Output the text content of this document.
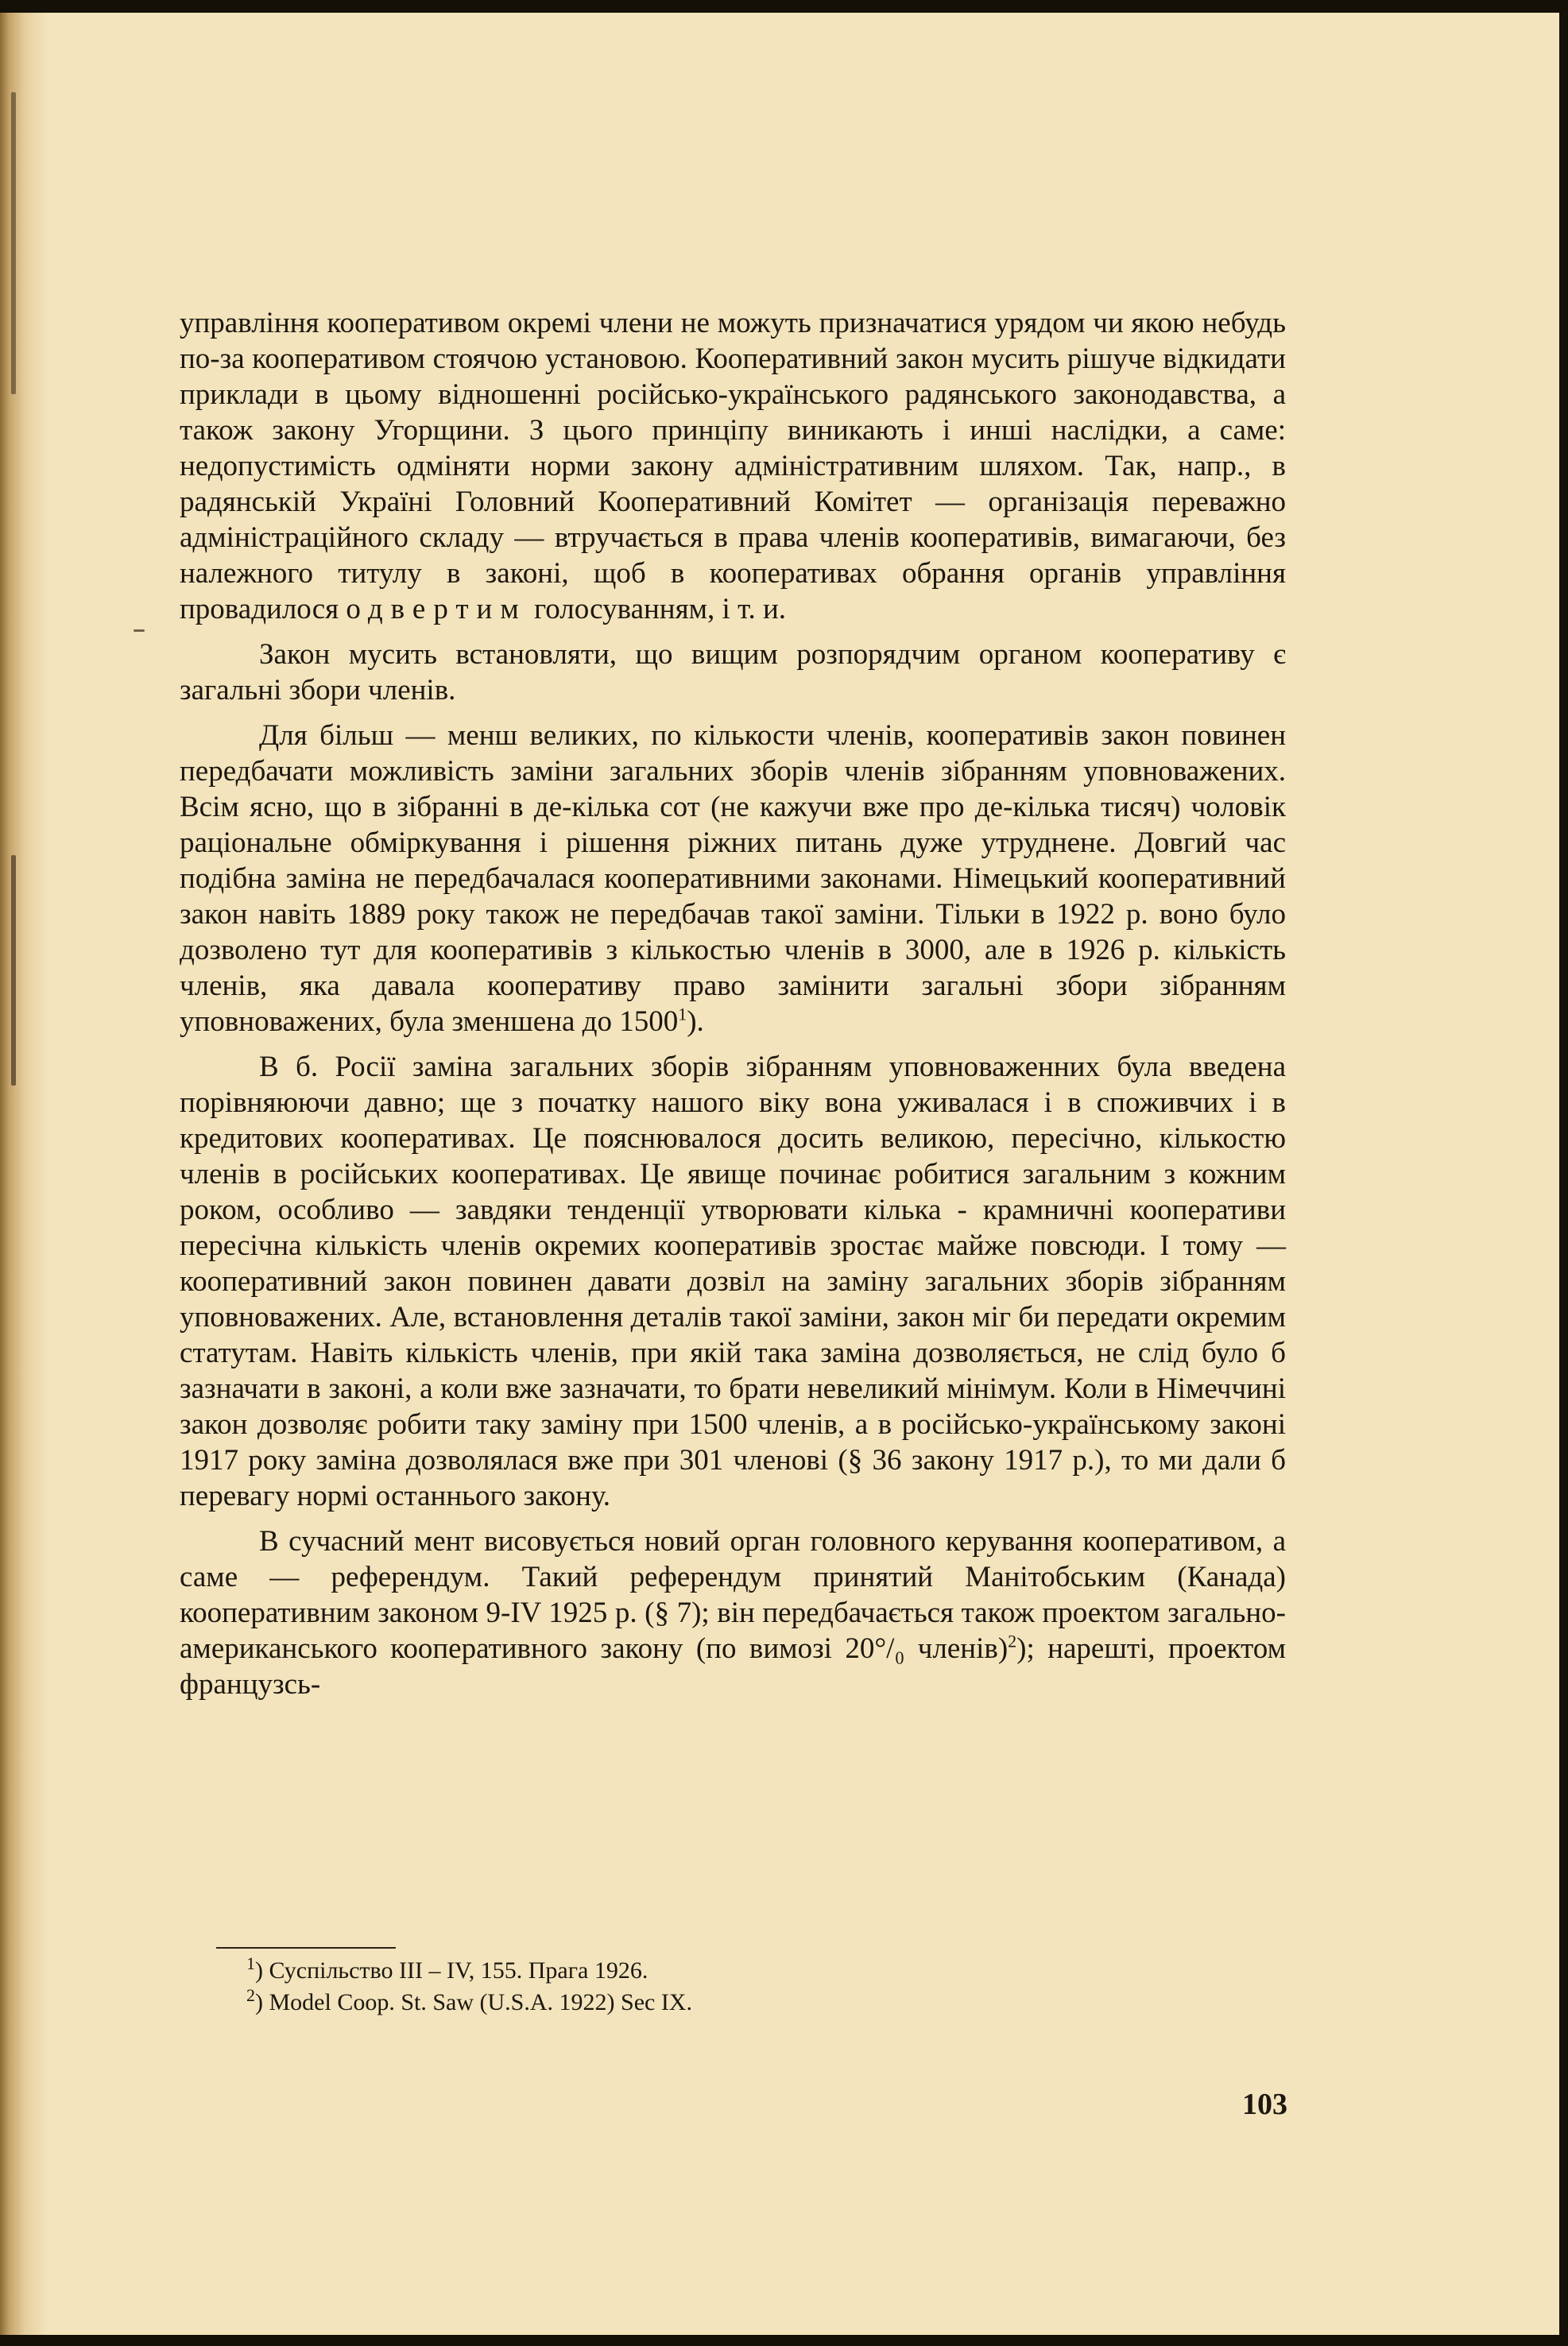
управління кооперативом окремі члени не можуть призначатися урядом чи якою небудь по-за кооперативом стоячою установою. Кооперативний закон мусить рішуче відкидати приклади в цьому відношенні російсько-українського радянського законодавства, а також закону Угорщини. З цього принціпу виникають і инші наслідки, а саме: недопустимість одміняти норми закону адміністративним шляхом. Так, напр., в радянській Україні Головний Кооперативний Комітет — організація переважно адміністраційного складу — втручається в права членів кооперативів, вимагаючи, без належного титулу в законі, щоб в кооперативах обрання органів управління провадилося одвертим голосуванням, і т. и.

Закон мусить встановляти, що вищим розпорядчим органом кооперативу є загальні збори членів.

Для більш — менш великих, по кількости членів, кооперативів закон повинен передбачати можливість заміни загальних зборів членів зібранням уповноважених. Всім ясно, що в зібранні в де-кілька сот (не кажучи вже про де-кілька тисяч) чоловік раціональне обміркування і рішення ріжних питань дуже утруднене. Довгий час подібна заміна не передбачалася кооперативними законами. Німецький кооперативний закон навіть 1889 року також не передбачав такої заміни. Тільки в 1922 р. воно було дозволено тут для кооперативів з кількостью членів в 3000, але в 1926 р. кількість членів, яка давала кооперативу право замінити загальні збори зібранням уповноважених, була зменшена до 1500$^1$).

В б. Росії заміна загальних зборів зібранням уповноваженних була введена порівняюючи давно; ще з початку нашого віку вона уживалася і в споживчих і в кредитових кооперативах. Це пояснювалося досить великою, пересічно, кількостю членів в російських кооперативах. Це явище починає робитися загальним з кожним роком, особливо — завдяки тенденції утворювати кілька - крамничні кооперативи пересічна кількість членів окремих кооперативів зростає майже повсюди. І тому — кооперативний закон повинен давати дозвіл на заміну загальних зборів зібранням уповноважених. Але, встановлення деталів такої заміни, закон міг би передати окремим статутам. Навіть кількість членів, при якій така заміна дозволяється, не слід було б зазначати в законі, а коли вже зазначати, то брати невеликий мінімум. Коли в Німеччині закон дозволяє робити таку заміну при 1500 членів, а в російсько-українському законі 1917 року заміна дозволялася вже при 301 членові (§ 36 закону 1917 р.), то ми дали б перевагу нормі останнього закону.

В сучасний мент висовується новий орган головного керування кооперативом, а саме — референдум. Такий референдум принятий Манітобським (Канада) кооперативним законом 9-IV 1925 р. (§ 7); він передбачається також проектом загально-американського кооперативного закону (по вимозі 20°/₀ членів)$^2$); нарешті, проектом французсь-

$^1$) Суспільство III – IV, 155. Прага 1926.

$^2$) Model Coop. St. Saw (U.S.A. 1922) Sec IX.

103
